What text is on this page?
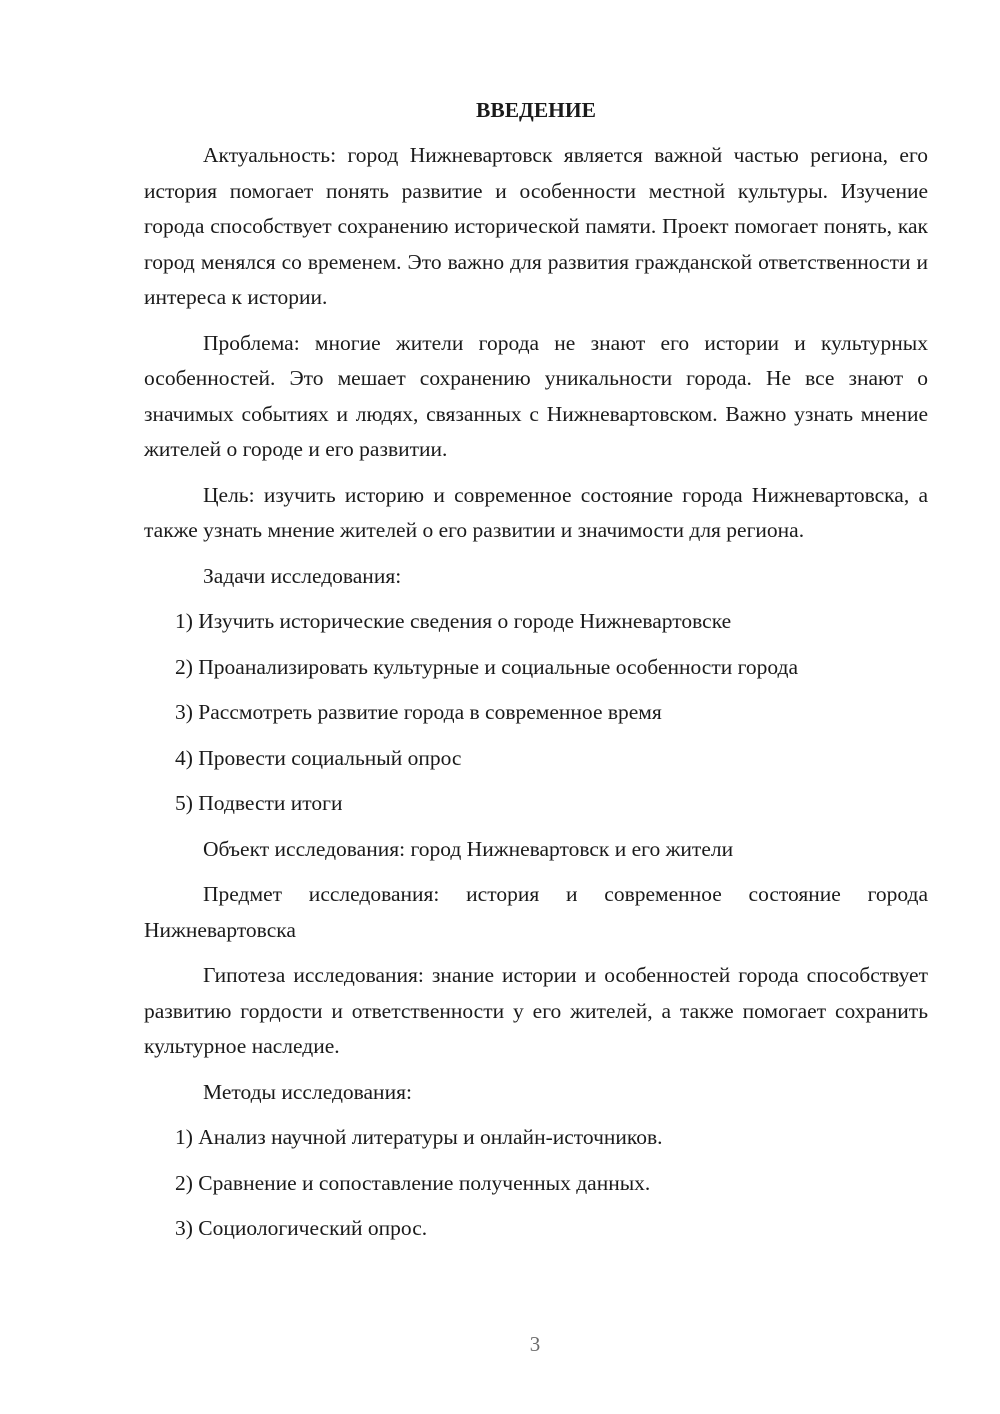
ВВЕДЕНИЕ

Актуальность: город Нижневартовск является важной частью региона, его история помогает понять развитие и особенности местной культуры. Изучение города способствует сохранению исторической памяти. Проект помогает понять, как город менялся со временем. Это важно для развития гражданской ответственности и интереса к истории.

Проблема: многие жители города не знают его истории и культурных особенностей. Это мешает сохранению уникальности города. Не все знают о значимых событиях и людях, связанных с Нижневартовском. Важно узнать мнение жителей о городе и его развитии.

Цель: изучить историю и современное состояние города Нижневартовска, а также узнать мнение жителей о его развитии и значимости для региона.

Задачи исследования:

1) Изучить исторические сведения о городе Нижневартовске

2) Проанализировать культурные и социальные особенности города

3) Рассмотреть развитие города в современное время

4) Провести социальный опрос

5) Подвести итоги

Объект исследования: город Нижневартовск и его жители

Предмет исследования: история и современное состояние города Нижневартовска

Гипотеза исследования: знание истории и особенностей города способствует развитию гордости и ответственности у его жителей, а также помогает сохранить культурное наследие.

Методы исследования:

1) Анализ научной литературы и онлайн-источников.

2) Сравнение и сопоставление полученных данных.

3) Социологический опрос.

3
